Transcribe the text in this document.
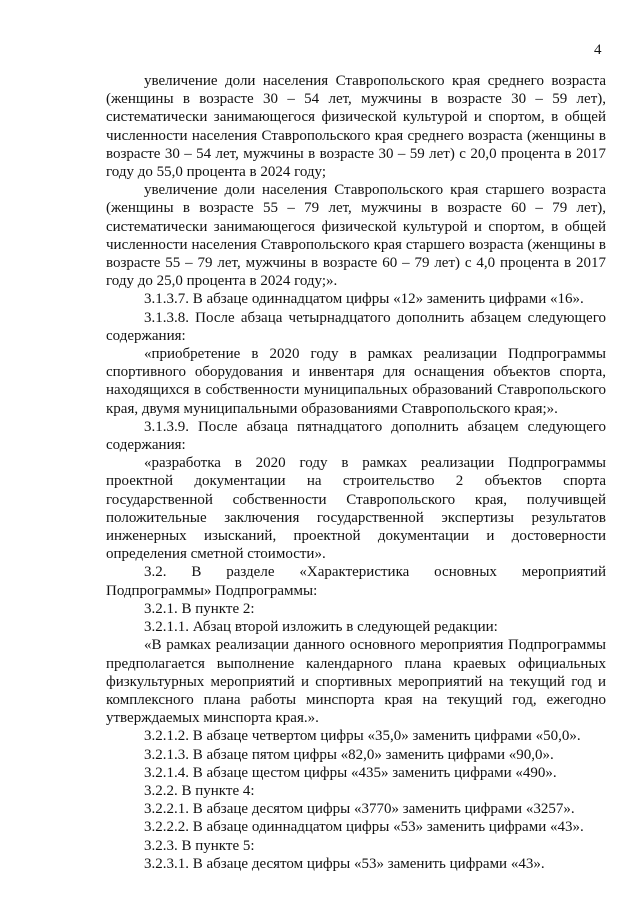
4

увеличение доли населения Ставропольского края среднего возраста (женщины в возрасте 30 – 54 лет, мужчины в возрасте 30 – 59 лет), систематически занимающегося физической культурой и спортом, в общей численности населения Ставропольского края среднего возраста (женщины в возрасте 30 – 54 лет, мужчины в возрасте 30 – 59 лет) с 20,0 процента в 2017 году до 55,0 процента в 2024 году;

увеличение доли населения Ставропольского края старшего возраста (женщины в возрасте 55 – 79 лет, мужчины в возрасте 60 – 79 лет), систематически занимающегося физической культурой и спортом, в общей численности населения Ставропольского края старшего возраста (женщины в возрасте 55 – 79 лет, мужчины в возрасте 60 – 79 лет) с 4,0 процента в 2017 году до 25,0 процента в 2024 году;».

3.1.3.7. В абзаце одиннадцатом цифры «12» заменить цифрами «16».

3.1.3.8. После абзаца четырнадцатого дополнить абзацем следующего содержания:

«приобретение в 2020 году в рамках реализации Подпрограммы спортивного оборудования и инвентаря для оснащения объектов спорта, находящихся в собственности муниципальных образований Ставропольского края, двумя муниципальными образованиями Ставропольского края;».

3.1.3.9. После абзаца пятнадцатого дополнить абзацем следующего содержания:

«разработка в 2020 году в рамках реализации Подпрограммы проектной документации на строительство 2 объектов спорта государственной собственности Ставропольского края, получивщей положительные заключения государственной экспертизы результатов инженерных изысканий, проектной документации и достоверности определения сметной стоимости».

3.2. В разделе «Характеристика основных мероприятий Подпрограммы» Подпрограммы:

3.2.1. В пункте 2:

3.2.1.1. Абзац второй изложить в следующей редакции:

«В рамках реализации данного основного мероприятия Подпрограммы предполагается выполнение календарного плана краевых официальных физкультурных мероприятий и спортивных мероприятий на текущий год и комплексного плана работы минспорта края на текущий год, ежегодно утверждаемых минспорта края.».

3.2.1.2. В абзаце четвертом цифры «35,0» заменить цифрами «50,0».

3.2.1.3. В абзаце пятом цифры «82,0» заменить цифрами «90,0».

3.2.1.4. В абзаце щестом цифры «435» заменить цифрами «490».

3.2.2. В пункте 4:

3.2.2.1. В абзаце десятом цифры «3770» заменить цифрами «3257».

3.2.2.2. В абзаце одиннадцатом цифры «53» заменить цифрами «43».

3.2.3. В пункте 5:

3.2.3.1. В абзаце десятом цифры «53» заменить цифрами «43».
